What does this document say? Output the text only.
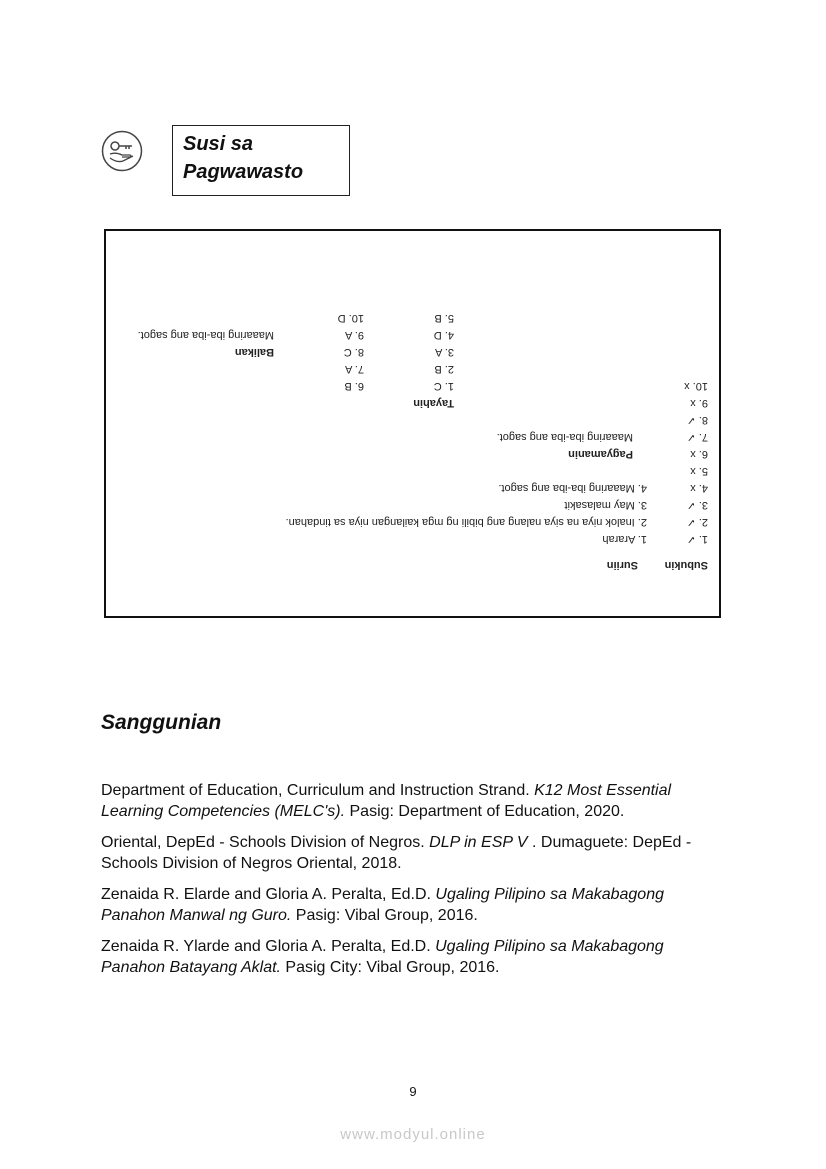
Susi sa
Pagwawasto
Subukin
1. ✓
2. ✓
3. ✓
4. x
5. x
6. x
7. ✓
8. ✓
9. x
10. x
Suriin
1. Ararah
2. Inalok niya na siya nalang ang bibili ng mga kailangan niya sa tindahan.
3. May malasakit
4. Maaaring iba-iba ang sagot.
Pagyamanin
Maaaring iba-iba ang sagot.
Tayahin
1. C
2. B
3. A
4. D
5. B
6. B
7. A
8. C
9. A
10. D
Balikan
Maaaring iba-iba ang sagot.
Sanggunian
Department of Education, Curriculum and Instruction Strand. K12 Most Essential Learning Competencies (MELC's). Pasig: Department of Education, 2020.
Oriental, DepEd - Schools Division of Negros. DLP in ESP V . Dumaguete: DepEd - Schools Division of Negros Oriental, 2018.
Zenaida R. Elarde and Gloria A. Peralta, Ed.D. Ugaling Pilipino sa Makabagong Panahon Manwal ng Guro. Pasig: Vibal Group, 2016.
Zenaida R. Ylarde and Gloria A. Peralta, Ed.D. Ugaling Pilipino sa Makabagong Panahon Batayang Aklat. Pasig City: Vibal Group, 2016.
9
www.modyul.online
